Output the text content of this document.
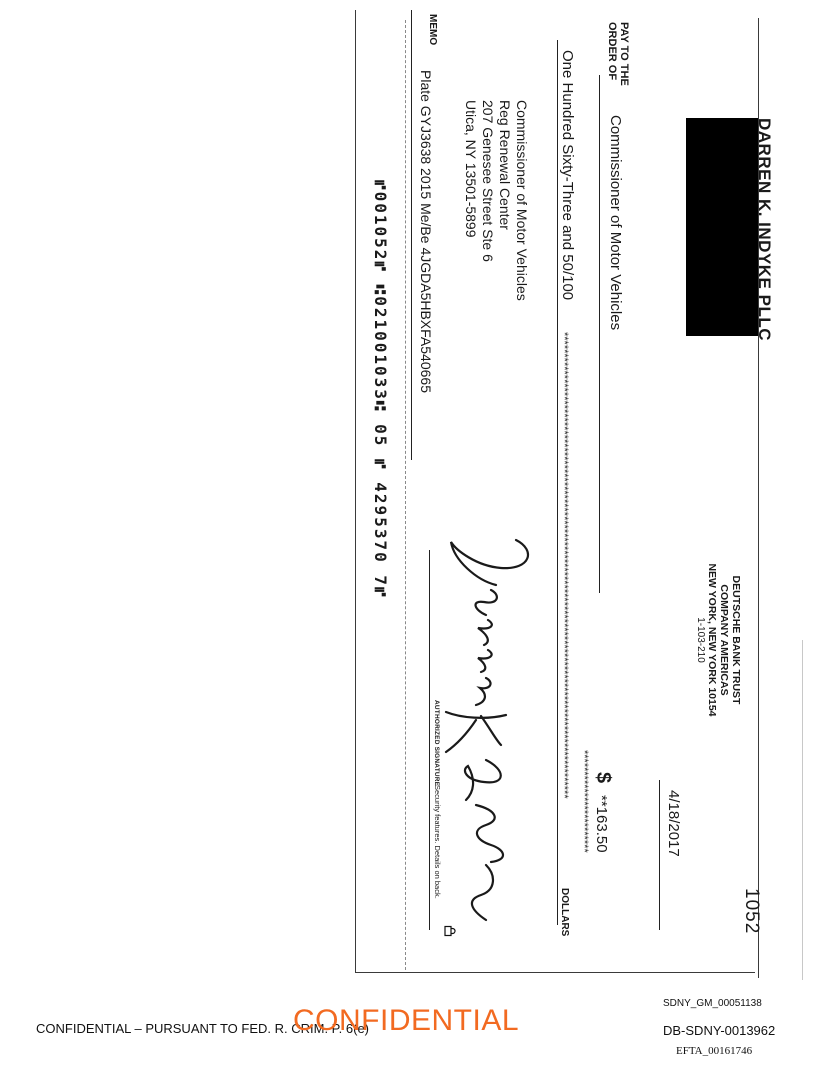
DARREN K. INDYKE PLLC
1052
DEUTSCHE BANK TRUST
COMPANY AMERICAS
NEW YORK, NEW YORK 10154
1-103-210
4/18/2017
PAY TO THE
ORDER OF
Commissioner of Motor Vehicles
$
**163.50
************************
One Hundred Sixty-Three and 50/100
*************************************************************************************************************
DOLLARS
Commissioner of Motor Vehicles
Reg Renewal Center
207 Genesee Street Ste 6
Utica, NY 13501-5899
MEMO
Plate GYJ3638 2015 Me/Be 4JGDA5HBXFA540665
AUTHORIZED SIGNATURE
Security features. Details on back.
⑈001052⑈ ⑆021001033⑆ 05 ⑈ 4295370 7⑈
CONFIDENTIAL – PURSUANT TO FED. R. CRIM. P. 6(e)
CONFIDENTIAL
SDNY_GM_00051138
DB-SDNY-0013962
EFTA_00161746
